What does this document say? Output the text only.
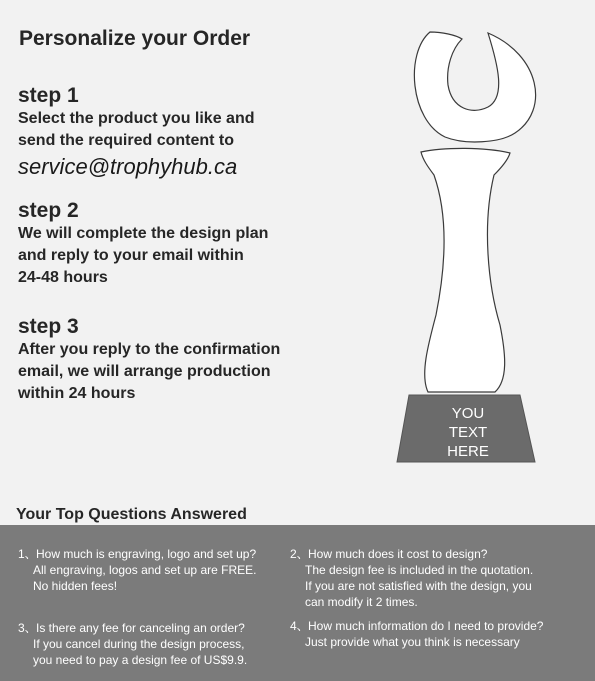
Personalize your Order
step 1
Select the product you like and
send the required content to
service@trophyhub.ca
step 2
We will complete the design plan
and reply to your email within
24-48 hours
step 3
After you reply to the confirmation
email, we will arrange production
within 24 hours
YOU
TEXT
HERE
Your Top Questions Answered
1、How much is engraving, logo and set up?
All engraving, logos and set up are FREE.
No hidden fees!
2、How much does it cost to design?
The design fee is included in the quotation.
If you are not satisfied with the design, you
can modify it 2 times.
3、Is there any fee for canceling an order?
If you cancel during the design process,
you need to pay a design fee of US$9.9.
4、How much information do I need to provide?
Just provide what you think is necessary
